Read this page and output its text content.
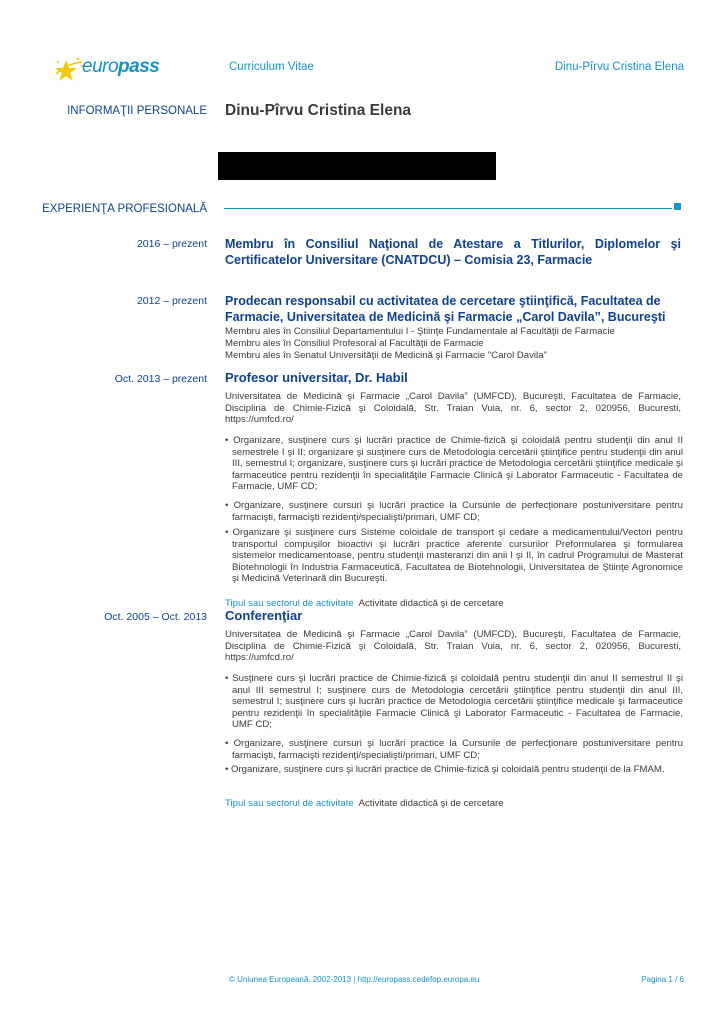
europass	Curriculum Vitae	Dinu-Pîrvu Cristina Elena
INFORMAŢII PERSONALE Dinu-Pîrvu Cristina Elena
EXPERIENŢA PROFESIONALĂ
2016 – prezent Membru în Consiliul Naţional de Atestare a Titlurilor, Diplomelor şi Certificatelor Universitare (CNATDCU) – Comisia 23, Farmacie
2012 – prezent Prodecan responsabil cu activitatea de cercetare ştiinţifică, Facultatea de Farmacie, Universitatea de Medicină şi Farmacie „Carol Davila”, Bucureşti
Membru ales în Consiliul Departamentului I - Ştiinţe Fundamentale al Facultăţii de Farmacie
Membru ales în Consiliul Profesoral al Facultăţii de Farmacie
Membru ales în Senatul Universităţii de Medicină şi Farmacie "Carol Davila"
Oct. 2013 – prezent Profesor universitar, Dr. Habil
Universitatea de Medicină şi Farmacie „Carol Davila” (UMFCD), Bucureşti, Facultatea de Farmacie, Disciplina de Chimie-Fizică şi Coloidală, Str. Traian Vuia, nr. 6, sector 2, 020956, Bucuresti, https://umfcd.ro/
• Organizare, susţinere curs şi lucrări practice de Chimie-fizică şi coloidală pentru studenţii din anul II semestrele I şi II; organizare şi susţinere curs de Metodologia cercetării ştiinţifice pentru studenţii din anul III, semestrul I; organizare, susţinere curs şi lucrări practice de Metodologia cercetării ştiinţifice medicale şi farmaceutice pentru rezidenţii în specialităţile Farmacie Clinică şi Laborator Farmaceutic - Facultatea de Farmacie, UMF CD;
• Organizare, susţinere cursuri şi lucrări practice la Cursurile de perfecţionare postuniversitare pentru farmacişti, farmacişti rezidenţi/specialişti/primari, UMF CD;
• Organizare şi susţinere curs Sisteme coloidale de transport şi cedare a medicamentului/Vectori pentru transportul compuşilor bioactivi şi lucrări practice aferente cursurilor Preformularea şi formularea sistemelor medicamentoase, pentru studenţii masteranzi din anii I şi II, în cadrul Programului de Masterat Biotehnologii în Industria Farmaceutică, Facultatea de Biotehnologii, Universitatea de Ştiinţe Agronomice şi Medicină Veterinară din Bucureşti.
Tipul sau sectorul de activitate Activitate didactică şi de cercetare
Oct. 2005 – Oct. 2013 Conferenţiar
Universitatea de Medicină şi Farmacie „Carol Davila” (UMFCD), Bucureşti, Facultatea de Farmacie, Disciplina de Chimie-Fizică şi Coloidală, Str. Traian Vuia, nr. 6, sector 2, 020956, Bucuresti, https://umfcd.ro/
• Susţinere curs şi lucrări practice de Chimie-fizică şi coloidală pentru studenţii din anul II semestrul II şi anul III semestrul I; susţinere curs de Metodologia cercetării ştiinţifice pentru studenţii din anul III, semestrul I; susţinere curs şi lucrări practice de Metodologia cercetării ştiinţifice medicale şi farmaceutice pentru rezidenţii în specialităţile Farmacie Clinică şi Laborator Farmaceutic - Facultatea de Farmacie, UMF CD;
• Organizare, susţinere cursuri şi lucrări practice la Cursurile de perfecţionare postuniversitare pentru farmacişti, farmacişti rezidenţi/specialişti/primari, UMF CD;
• Organizare, susţinere curs şi lucrări practice de Chimie-fizică şi coloidală pentru studenţii de la FMAM.
Tipul sau sectorul de activitate Activitate didactică şi de cercetare
© Uniunea Europeană, 2002-2013 | http://europass.cedefop.europa.eu	Pagina 1 / 6
